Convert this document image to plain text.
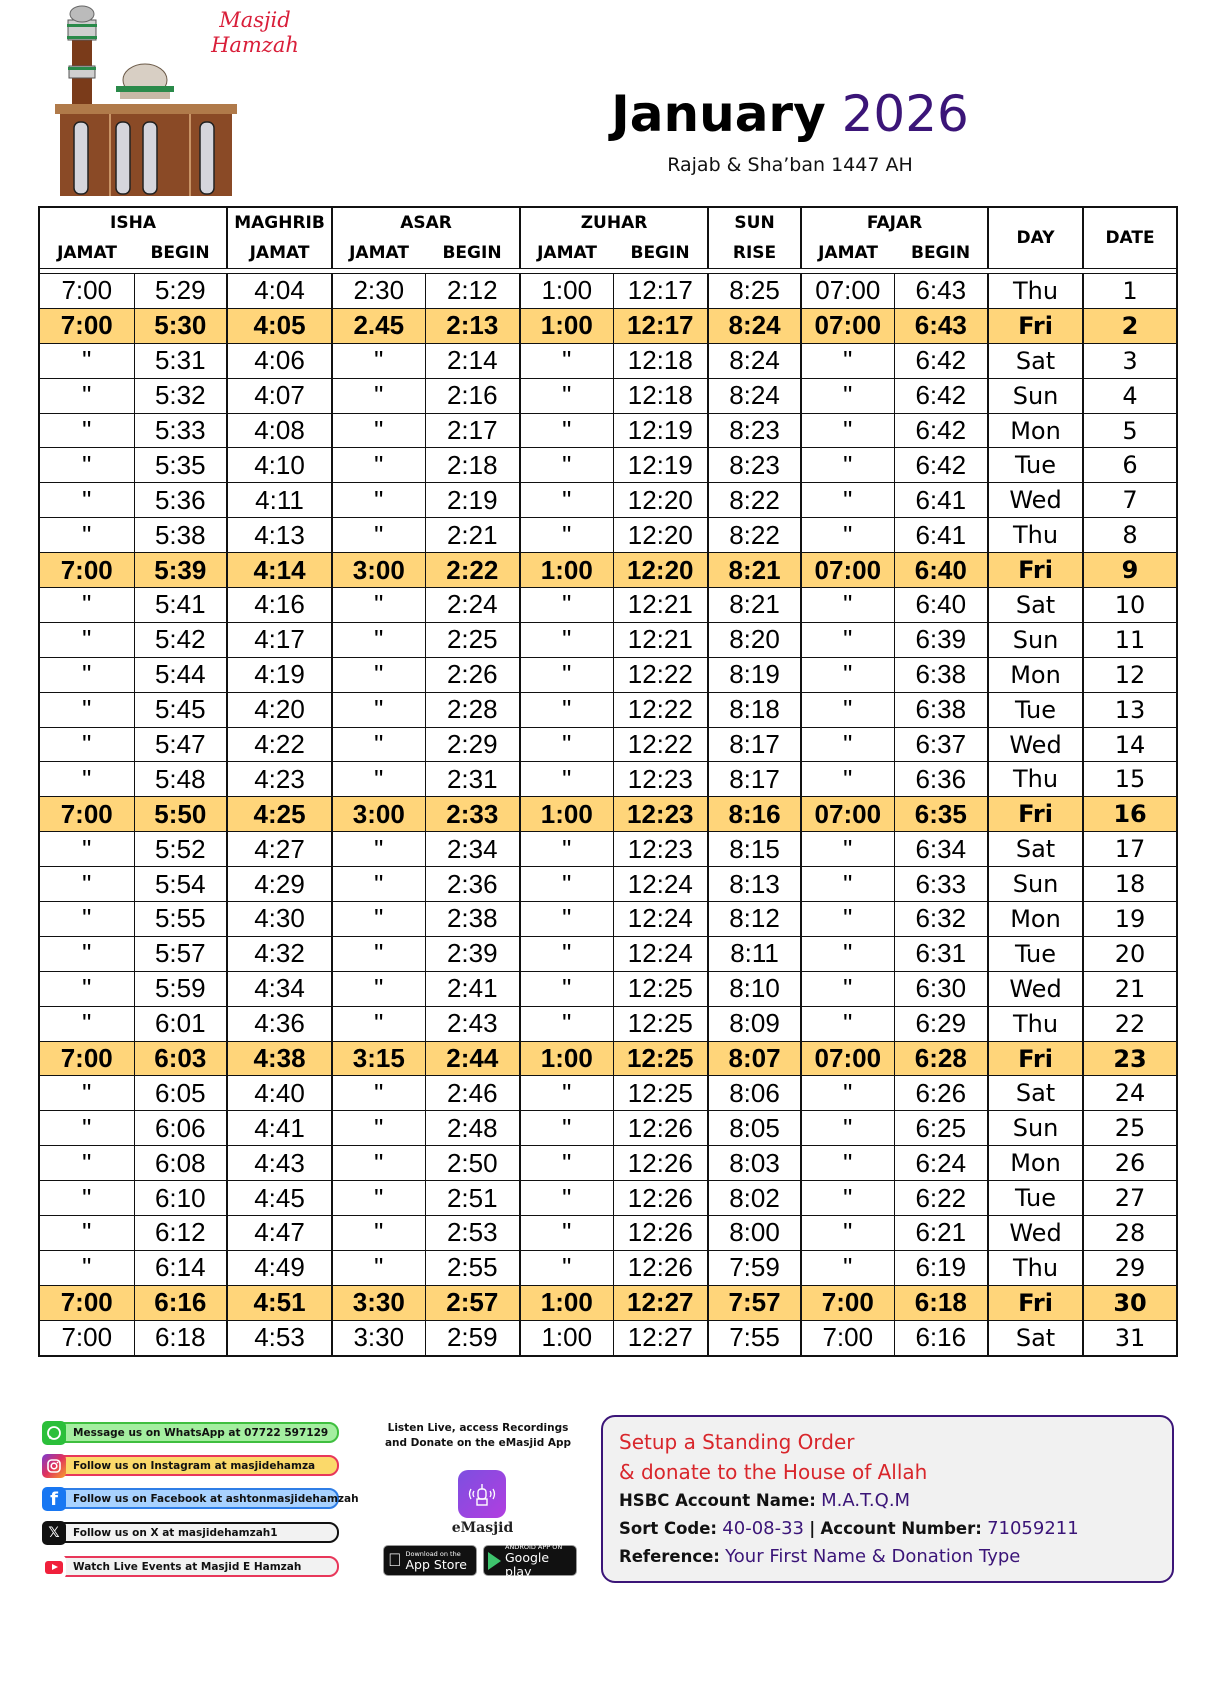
Masjid Hamzah
January 2026
Rajab & Sha’ban 1447 AH
ISHA		MAGHRIB	ASAR		ZUHAR		SUN	FAJAR		DAY	DATE
JAMAT	BEGIN	JAMAT	JAMAT	BEGIN	JAMAT	BEGIN	RISE	JAMAT	BEGIN		

7:00	5:29	4:04	2:30	2:12	1:00	12:17	8:25	07:00	6:43	Thu	1
7:00	5:30	4:05	2.45	2:13	1:00	12:17	8:24	07:00	6:43	Fri	2
"	5:31	4:06	"	2:14	"	12:18	8:24	"	6:42	Sat	3
"	5:32	4:07	"	2:16	"	12:18	8:24	"	6:42	Sun	4
"	5:33	4:08	"	2:17	"	12:19	8:23	"	6:42	Mon	5
"	5:35	4:10	"	2:18	"	12:19	8:23	"	6:42	Tue	6
"	5:36	4:11	"	2:19	"	12:20	8:22	"	6:41	Wed	7
"	5:38	4:13	"	2:21	"	12:20	8:22	"	6:41	Thu	8
7:00	5:39	4:14	3:00	2:22	1:00	12:20	8:21	07:00	6:40	Fri	9
"	5:41	4:16	"	2:24	"	12:21	8:21	"	6:40	Sat	10
"	5:42	4:17	"	2:25	"	12:21	8:20	"	6:39	Sun	11
"	5:44	4:19	"	2:26	"	12:22	8:19	"	6:38	Mon	12
"	5:45	4:20	"	2:28	"	12:22	8:18	"	6:38	Tue	13
"	5:47	4:22	"	2:29	"	12:22	8:17	"	6:37	Wed	14
"	5:48	4:23	"	2:31	"	12:23	8:17	"	6:36	Thu	15
7:00	5:50	4:25	3:00	2:33	1:00	12:23	8:16	07:00	6:35	Fri	16
"	5:52	4:27	"	2:34	"	12:23	8:15	"	6:34	Sat	17
"	5:54	4:29	"	2:36	"	12:24	8:13	"	6:33	Sun	18
"	5:55	4:30	"	2:38	"	12:24	8:12	"	6:32	Mon	19
"	5:57	4:32	"	2:39	"	12:24	8:11	"	6:31	Tue	20
"	5:59	4:34	"	2:41	"	12:25	8:10	"	6:30	Wed	21
"	6:01	4:36	"	2:43	"	12:25	8:09	"	6:29	Thu	22
7:00	6:03	4:38	3:15	2:44	1:00	12:25	8:07	07:00	6:28	Fri	23
"	6:05	4:40	"	2:46	"	12:25	8:06	"	6:26	Sat	24
"	6:06	4:41	"	2:48	"	12:26	8:05	"	6:25	Sun	25
"	6:08	4:43	"	2:50	"	12:26	8:03	"	6:24	Mon	26
"	6:10	4:45	"	2:51	"	12:26	8:02	"	6:22	Tue	27
"	6:12	4:47	"	2:53	"	12:26	8:00	"	6:21	Wed	28
"	6:14	4:49	"	2:55	"	12:26	7:59	"	6:19	Thu	29
7:00	6:16	4:51	3:30	2:57	1:00	12:27	7:57	7:00	6:18	Fri	30
7:00	6:18	4:53	3:30	2:59	1:00	12:27	7:55	7:00	6:16	Sat	31
Message us on WhatsApp at 07722 597129
Follow us on Instagram at masjidehamza
f	Follow us on Facebook at ashtonmasjidehamzah
𝕏	Follow us on X at masjidehamzah1
Watch Live Events at Masjid E Hamzah
Listen Live, access Recordings and Donate on the eMasjid App
eMasjid
Download on the
App Store
ANDROID APP ON
Google play
Setup a Standing Order
& donate to the House of Allah
HSBC Account Name: M.A.T.Q.M
Sort Code: 40-08-33 | Account Number: 71059211
Reference: Your First Name & Donation Type
